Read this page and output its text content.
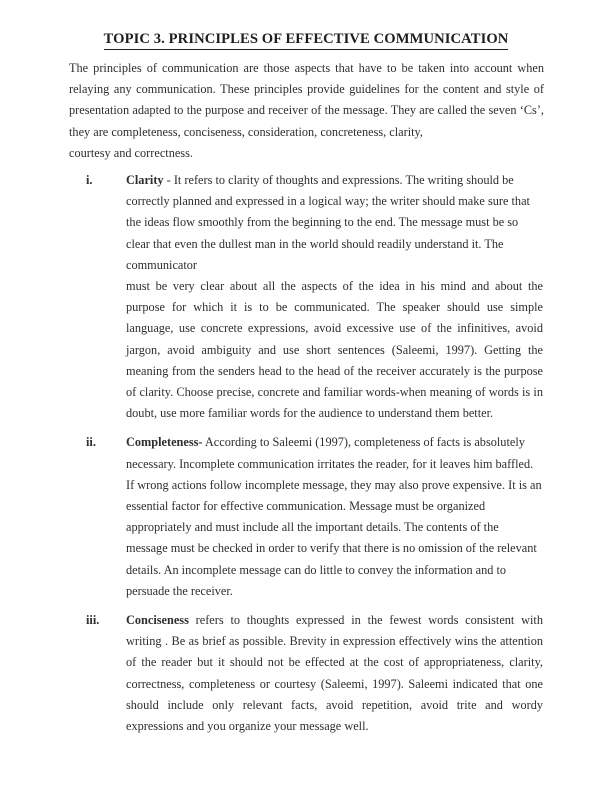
TOPIC 3. PRINCIPLES OF EFFECTIVE COMMUNICATION
The principles of communication are those aspects that have to be taken into account when relaying any communication. These principles provide guidelines for the content and style of presentation adapted to the purpose and receiver of the message. They are called the seven ‘Cs’, they are completeness, conciseness, consideration, concreteness, clarity,
courtesy and correctness.
i.	Clarity - It refers to clarity of thoughts and expressions. The writing should be correctly planned and expressed in a logical way; the writer should make sure that the ideas flow smoothly from the beginning to the end. The message must be so clear that even the dullest man in the world should readily understand it. The communicator

must be very clear about all the aspects of the idea in his mind and about the purpose for which it is to be communicated. The speaker should use simple language, use concrete expressions, avoid excessive use of the infinitives, avoid jargon, avoid ambiguity and use short sentences (Saleemi, 1997). Getting the meaning from the senders head to the head of the receiver accurately is the purpose of clarity. Choose precise, concrete and familiar words-when meaning of words is in doubt, use more familiar words for the audience to understand them better.

ii. Completeness- According to Saleemi (1997), completeness of facts is absolutely necessary. Incomplete communication irritates the reader, for it leaves him baffled. If wrong actions follow incomplete message, they may also prove expensive. It is an essential factor for effective communication. Message must be organized

appropriately and must include all the important details. The contents of the message must be checked in order to verify that there is no omission of the relevant details. An incomplete message can do little to convey the information and to persuade the receiver.

iii. Conciseness refers to thoughts expressed in the fewest words consistent with writing . Be as brief as possible. Brevity in expression effectively wins the attention of the reader but it should not be effected at the cost of appropriateness, clarity, correctness, completeness or courtesy (Saleemi, 1997). Saleemi indicated that one should include only relevant facts, avoid repetition, avoid trite and wordy expressions and you organize your message well.
